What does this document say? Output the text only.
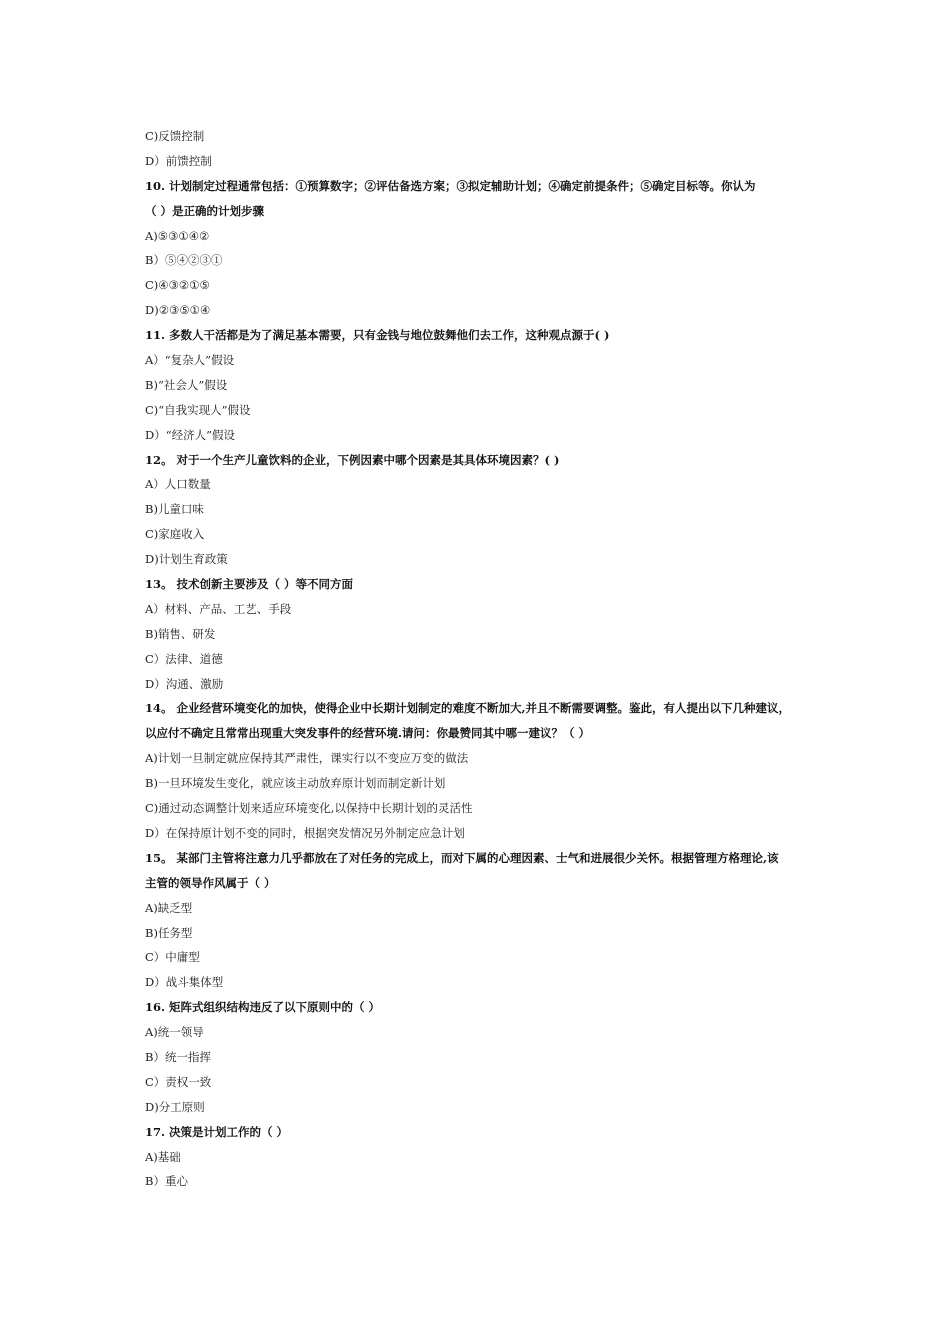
C)反馈控制
D）前馈控制
10. 计划制定过程通常包括：①预算数字；②评估备选方案；③拟定辅助计划；④确定前提条件；⑤确定目标等。你认为
（ ）是正确的计划步骤
A)⑤③①④②
B）⑤④②③①
C)④③②①⑤
D)②③⑤①④
11. 多数人干活都是为了满足基本需要，只有金钱与地位鼓舞他们去工作，这种观点源于( )
A）“复杂人”假设
B)“社会人”假设
C)“自我实现人”假设
D）“经济人”假设
12。 对于一个生产儿童饮料的企业，下例因素中哪个因素是其具体环境因素？( )
A）人口数量
B)儿童口味
C)家庭收入
D)计划生育政策
13。 技术创新主要涉及（ ）等不同方面
A）材料、产品、工艺、手段
B)销售、研发
C）法律、道德
D）沟通、激励
14。 企业经营环境变化的加快，使得企业中长期计划制定的难度不断加大,并且不断需要调整。鉴此，有人提出以下几种建议，
以应付不确定且常常出现重大突发事件的经营环境.请问：你最赞同其中哪一建议？（ ）
A)计划一旦制定就应保持其严肃性，课实行以不变应万变的做法
B)一旦环境发生变化，就应该主动放弃原计划而制定新计划
C)通过动态调整计划来适应环境变化,以保持中长期计划的灵活性
D）在保持原计划不变的同时，根据突发情况另外制定应急计划
15。 某部门主管将注意力几乎都放在了对任务的完成上，而对下属的心理因素、士气和进展很少关怀。根据管理方格理论,该
主管的领导作风属于（ ）
A)缺乏型
B)任务型
C）中庸型
D）战斗集体型
16. 矩阵式组织结构违反了以下原则中的（ ）
A)统一领导
B）统一指挥
C）责权一致
D)分工原则
17. 决策是计划工作的（ ）
A)基础
B）重心
